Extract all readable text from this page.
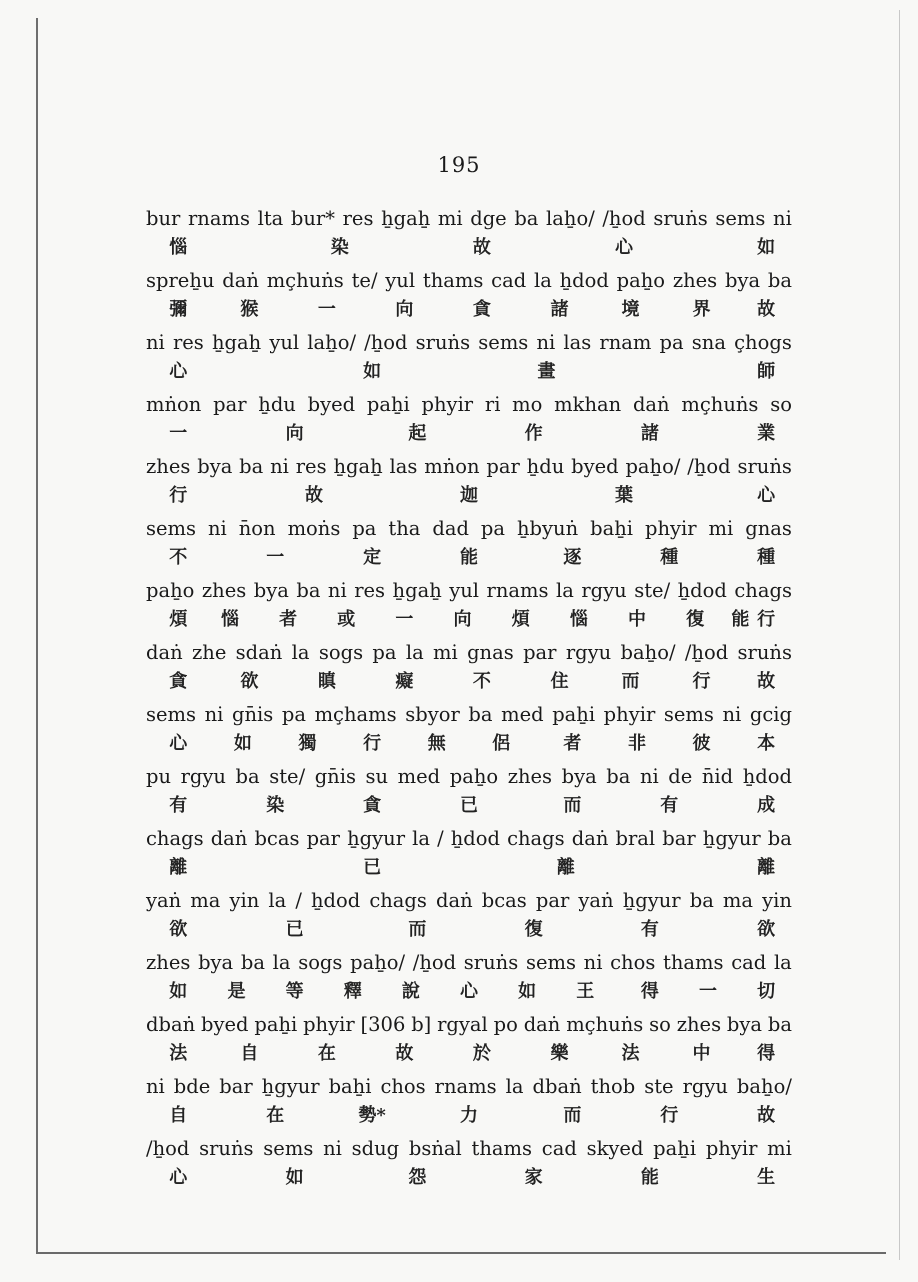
195
bur rnams lta bur* res ẖgaẖ mi dge ba laẖo/ /ẖod sruṅs sems ni
惱	染	故	心	如
spreẖu daṅ mçhuṅs te/ yul thams cad la ẖdod paẖo zhes bya ba
彌	猴	一	向	貪	諸	境	界	故
ni res ẖgaẖ yul laẖo/ /ẖod sruṅs sems ni las rnam pa sna çhogs
心	如	畫	師
mṅon par ẖdu byed paẖi phyir ri mo mkhan daṅ mçhuṅs so
一	向	起	作	諸	業
zhes bya ba ni res ẖgaẖ las mṅon par ẖdu byed paẖo/ /ẖod sruṅs
行	故	迦	葉	心
sems ni n̄on moṅs pa tha dad pa ẖbyuṅ baẖi phyir mi gnas
不	一	定	能	逐	種	種
paẖo zhes bya ba ni res ẖgaẖ yul rnams la rgyu ste/ ẖdod chags
煩 惱 者 或 一 向 煩 惱 中 復 能 行
daṅ zhe sdaṅ la sogs pa la mi gnas par rgyu baẖo/ /ẖod sruṅs
貪	欲	瞋	癡	不	住	而	行	故
sems ni gn̄is pa mçhams sbyor ba med paẖi phyir sems ni gcig
心	如	獨	行	無	侶	者	非	彼	本
pu rgyu ba ste/ gn̄is su med paẖo zhes bya ba ni de n̄id ẖdod
有	染	貪	已	而	有	成
chags daṅ bcas par ẖgyur la / ẖdod chags daṅ bral bar ẖgyur ba
離	已	離	離
yaṅ ma yin la / ẖdod chags daṅ bcas par yaṅ ẖgyur ba ma yin
欲	已	而	復	有	欲
zhes bya ba la sogs paẖo/ /ẖod sruṅs sems ni chos thams cad la
如 是 等 釋 說 心 如 王	得 一 切
dbaṅ byed paẖi phyir [306 b] rgyal po daṅ mçhuṅs so zhes bya ba
法	自	在	故	於	樂	法	中	得
ni bde bar ẖgyur baẖi chos rnams la dbaṅ thob ste rgyu baẖo/
自	在	勢*	力	而	行	故
/ẖod sruṅs sems ni sdug bsṅal thams cad skyed paẖi phyir mi
心	如	怨	家	能	生
